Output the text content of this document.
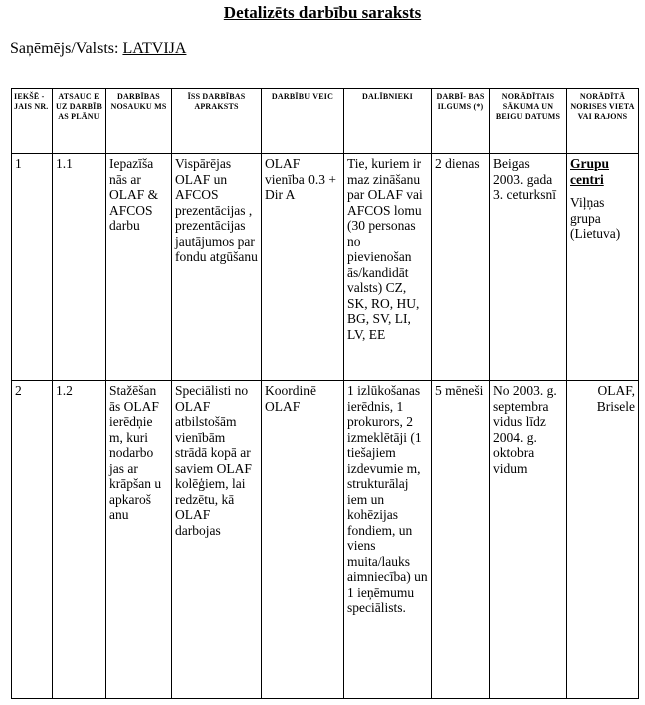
Detalizēts darbību saraksts
Saņēmējs/Valsts: LATVIJA
IEKŠĒ -JAIS NR.	ATSAUC E UZ DARBĪB AS PLĀNU	DARBĪBAS NOSAUKU MS	ĪSS DARBĪBAS APRAKSTS	DARBĪBU VEIC	DALĪBNIEKI	DARBĪ- BAS ILGUMS (*)	NORĀDĪTAIS SĀKUMA UN BEIGU DATUMS	NORĀDĪTĀ NORISES VIETA VAI RAJONS
1	1.1	Iepazīša nās ar OLAF & AFCOS darbu	Vispārējas OLAF un AFCOS prezentācijas , prezentācijas jautājumos par fondu atgūšanu	OLAF vienība 0.3 + Dir A	Tie, kuriem ir maz zināšanu par OLAF vai AFCOS lomu (30 personas no pievienošan ās/kandidāt valsts) CZ, SK, RO, HU, BG, SV, LI, LV, EE	2 dienas	Beigas 2003. gada 3. ceturksnī	Grupu centri
Viļņas grupa (Lietuva)
2	1.2	Stažēšan ās OLAF ierēdņie m, kuri nodarbo jas ar krāpšan u apkaroš anu	Speciālisti no OLAF atbilstošām vienībām strādā kopā ar saviem OLAF kolēģiem, lai redzētu, kā OLAF darbojas	Koordinē OLAF	1 izlūkošanas ierēdnis, 1 prokurors, 2 izmeklētāji (1 tiešajiem izdevumie m, strukturālaj iem un kohēzijas fondiem, un viens muita/lauks aimniecība) un 1 ieņēmumu speciālists.	5 mēneši	No 2003. g. septembra vidus līdz 2004. g. oktobra vidum	OLAF, Brisele
